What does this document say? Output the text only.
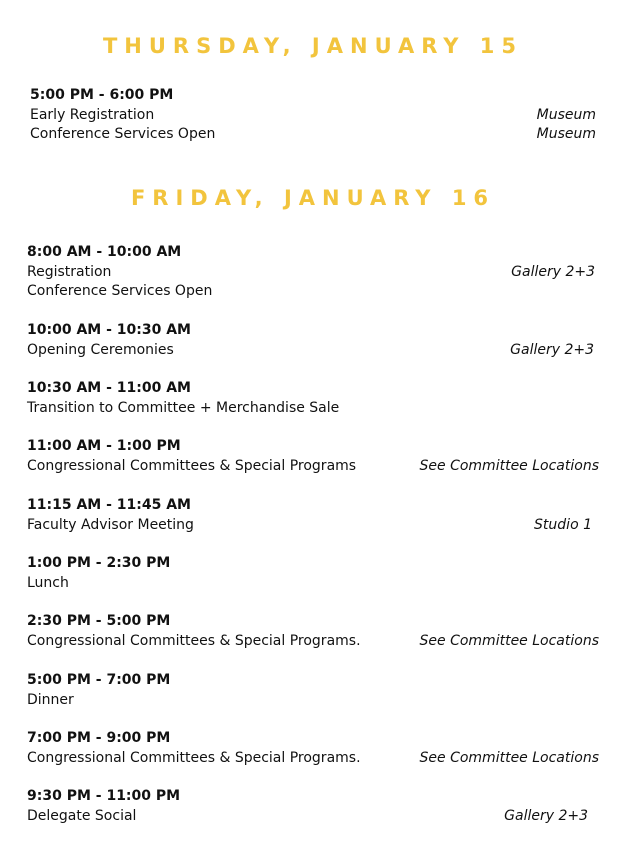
THURSDAY, JANUARY 15
5:00 PM - 6:00 PM
Early Registration	Museum
Conference Services Open	Museum
FRIDAY, JANUARY 16
8:00 AM - 10:00 AM
Registration	Gallery 2+3
Conference Services Open
10:00 AM - 10:30 AM
Opening Ceremonies	Gallery 2+3
10:30 AM - 11:00 AM
Transition to Committee + Merchandise Sale
11:00 AM - 1:00 PM
Congressional Committees & Special Programs	See Committee Locations
11:15 AM - 11:45 AM
Faculty Advisor Meeting	Studio 1
1:00 PM - 2:30 PM
Lunch
2:30 PM - 5:00 PM
Congressional Committees & Special Programs.	See Committee Locations
5:00 PM - 7:00 PM
Dinner
7:00 PM - 9:00 PM
Congressional Committees & Special Programs.	See Committee Locations
9:30 PM - 11:00 PM
Delegate Social	Gallery 2+3
